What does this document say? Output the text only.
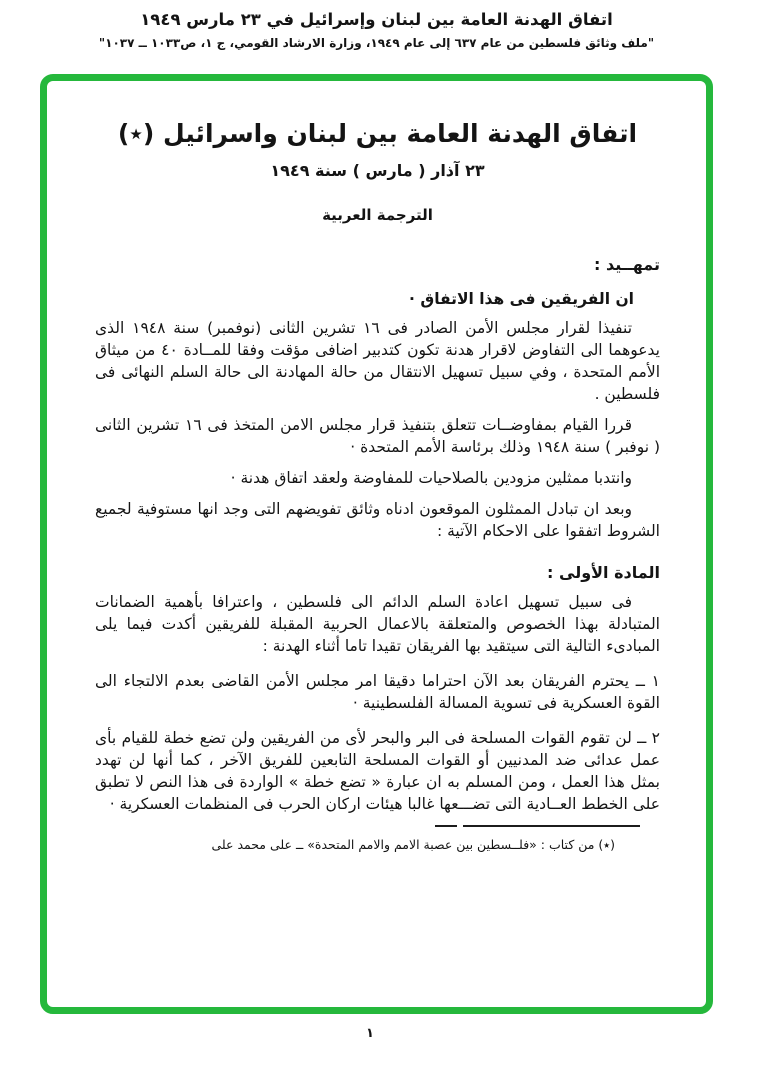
اتفاق الهدنة العامة بين لبنان وإسرائيل في ٢٣ مارس ١٩٤٩
"ملف وثائق فلسطين من عام ٦٣٧ إلى عام ١٩٤٩، وزارة الارشاد القومي، ج ١، ص١٠٣٣ ــ ١٠٣٧"
اتفاق الهدنة العامة بين لبنان واسرائيل (٭)
٢٣ آذار ( مارس ) سنة ١٩٤٩
الترجمة العربية
تمهــيد :
ان الفريقين فى هذا الاتفاق ·

تنفيذا لقرار مجلس الأمن الصادر فى ١٦ تشرين الثانى (نوفمبر) سنة ١٩٤٨ الذى يدعوهما الى التفاوض لاقرار هدنة تكون كتدبير اضافى مؤقت وفقا للمــادة ٤٠ من ميثاق الأمم المتحدة ، وفي سبيل تسهيل الانتقال من حالة المهادنة الى حالة السلم النهائى فى فلسطين .

قررا القيام بمفاوضــات تتعلق بتنفيذ قرار مجلس الامن المتخذ فى ١٦ تشرين الثانى ( نوفبر ) سنة ١٩٤٨ وذلك برئاسة الأمم المتحدة ·

وانتدبا ممثلين مزودين بالصلاحيات للمفاوضة ولعقد اتفاق هدنة ·

وبعد ان تبادل الممثلون الموقعون ادناه وثائق تفويضهم التى وجد انها مستوفية لجميع الشروط اتفقوا على الاحكام الآتية :

المادة الأولى :

فى سبيل تسهيل اعادة السلم الدائم الى فلسطين ، واعترافا بأهمية الضمانات المتبادلة بهذا الخصوص والمتعلقة بالاعمال الحربية المقبلة للفريقين أكدت فيما يلى المبادىء التالية التى سيتقيد بها الفريقان تقيدا تاما أثناء الهدنة :

١ ــ يحترم الفريقان بعد الآن احتراما دقيقا امر مجلس الأمن القاضى بعدم الالتجاء الى القوة العسكرية فى تسوية المسالة الفلسطينية ·

٢ ــ لن تقوم القوات المسلحة فى البر والبحر لأى من الفريقين ولن تضع خطة للقيام بأى عمل عدائى ضد المدنيين أو القوات المسلحة التابعين للفريق الآخر ، كما أنها لن تهدد بمثل هذا العمل ، ومن المسلم به ان عبارة « تضع خطة » الواردة فى هذا النص لا تطبق على الخطط العــادية التى تضـــعها غالبا هيئات اركان الحرب فى المنظمات العسكرية ·

(٭) من كتاب : «فلــسطين بين عصبة الامم والامم المتحدة» ــ على محمد على
١
